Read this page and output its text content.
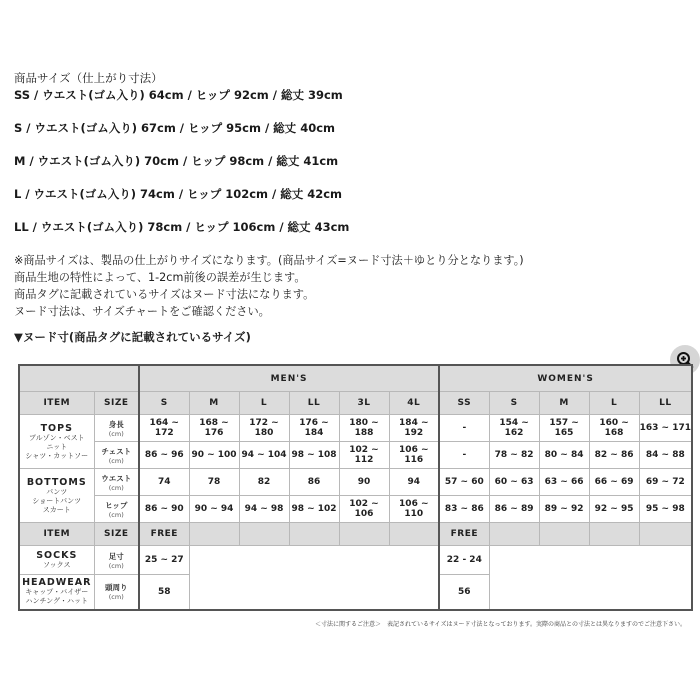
商品サイズ（仕上がり寸法）
SS / ウエスト(ゴム入り) 64cm / ヒップ 92cm / 総丈 39cm
S / ウエスト(ゴム入り) 67cm / ヒップ 95cm / 総丈 40cm
M / ウエスト(ゴム入り) 70cm / ヒップ 98cm / 総丈 41cm
L / ウエスト(ゴム入り) 74cm / ヒップ 102cm / 総丈 42cm
LL / ウエスト(ゴム入り) 78cm / ヒップ 106cm / 総丈 43cm
※商品サイズは、製品の仕上がりサイズになります。(商品サイズ=ヌード寸法＋ゆとり分となります。)
商品生地の特性によって、1-2cm前後の誤差が生じます。
商品タグに記載されているサイズはヌード寸法になります。
ヌード寸法は、サイズチャートをご確認ください。
▼ヌード寸(商品タグに記載されているサイズ)
		MEN'S						WOMEN'S				
ITEM	SIZE	S	M	L	LL	3L	4L	SS	S	M	L	LL

TOPS
ブルゾン・ベスト
ニット
シャツ・カットソー	身長
(cm)	164 ~ 172	168 ~ 176	172 ~ 180	176 ~ 184	180 ~ 188	184 ~ 192	-	154 ~ 162	157 ~ 165	160 ~ 168	163 ~ 171

	チェスト
(cm)	86 ~ 96	90 ~ 100	94 ~ 104	98 ~ 108	102 ~ 112	106 ~ 116	-	78 ~ 82	80 ~ 84	82 ~ 86	84 ~ 88

BOTTOMS
パンツ
ショートパンツ
スカート	ウエスト
(cm)	74	78	82	86	90	94	57 ~ 60	60 ~ 63	63 ~ 66	66 ~ 69	69 ~ 72

	ヒップ
(cm)	86 ~ 90	90 ~ 94	94 ~ 98	98 ~ 102	102 ~ 106	106 ~ 110	83 ~ 86	86 ~ 89	89 ~ 92	92 ~ 95	95 ~ 98
ITEM	SIZE	FREE						FREE				

SOCKS
ソックス	足寸
(cm)	25 ~ 27						22 - 24				

HEADWEAR
キャップ・バイザー
ハンチング・ハット	頭周り
(cm)	58						56				
＜寸法に関するご注意＞　表記されているサイズはヌード寸法となっております。実際の商品との寸法とは異なりますのでご注意下さい。
